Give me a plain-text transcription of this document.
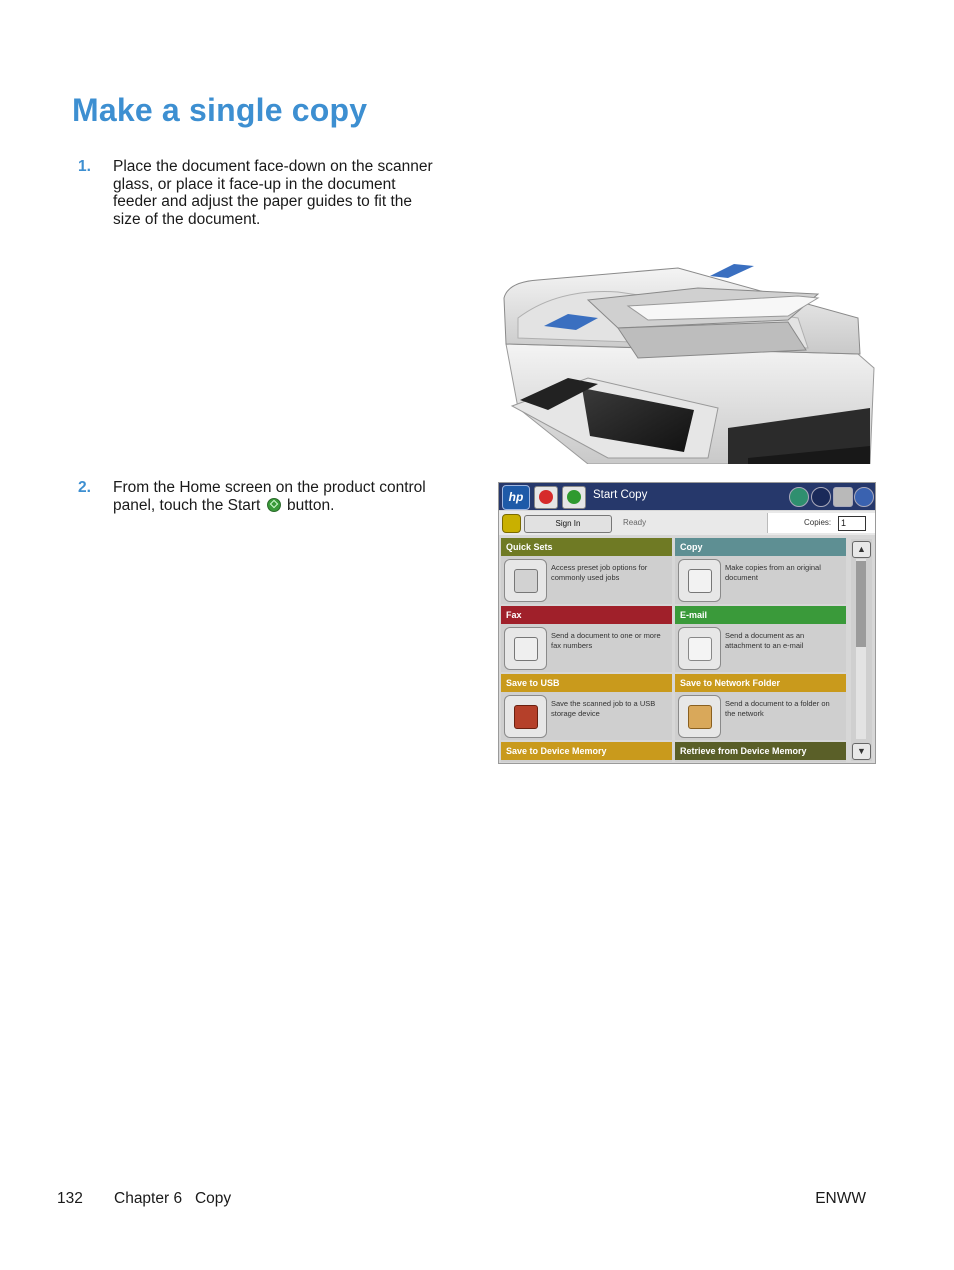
Make a single copy
1. Place the document face-down on the scanner glass, or place it face-up in the document feeder and adjust the paper guides to fit the size of the document.
2. From the Home screen on the product control panel, touch the Start button.	hp	Start Copy
Sign In	Ready	Copies:	1
Quick Sets
Access preset job options for commonly used jobs
Copy
Make copies from an original document
Fax
Send a document to one or more fax numbers
E-mail
Send a document as an attachment to an e-mail
Save to USB
Save the scanned job to a USB storage device
Save to Network Folder
Send a document to a folder on the network
Save to Device Memory	Retrieve from Device Memory
▲
▼
132 Chapter 6   Copy	ENWW
